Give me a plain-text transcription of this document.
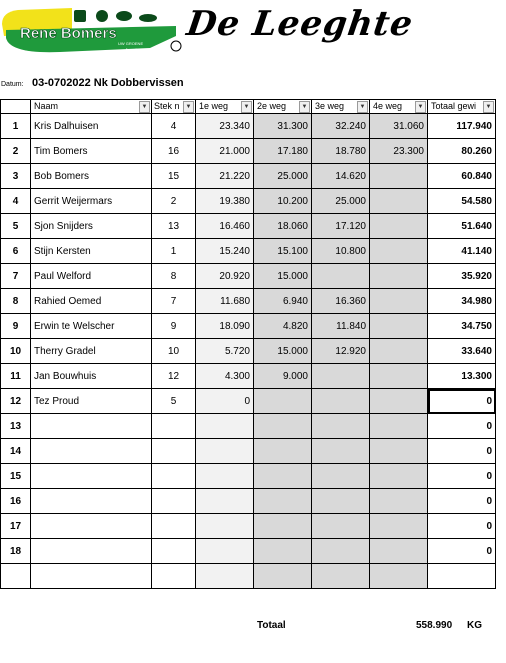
Rene Bomers
UW GROENE
vakwinkel
De Leeghte
Datum: 03-0702022 Nk Dobbervissen
	Naam ▼	Stek n ▼	1e weg ▼	2e weg ▼	3e weg ▼	4e weg ▼	Totaal gewi ▼

1	Kris Dalhuisen	4	23.340	31.300	32.240	31.060	117.940
2	Tim Bomers	16	21.000	17.180	18.780	23.300	80.260
3	Bob Bomers	15	21.220	25.000	14.620		60.840
4	Gerrit Weijermars	2	19.380	10.200	25.000		54.580
5	Sjon Snijders	13	16.460	18.060	17.120		51.640
6	Stijn Kersten	1	15.240	15.100	10.800		41.140
7	Paul Welford	8	20.920	15.000			35.920
8	Rahied Oemed	7	11.680	6.940	16.360		34.980
9	Erwin te Welscher	9	18.090	4.820	11.840		34.750
10	Therry Gradel	10	5.720	15.000	12.920		33.640
11	Jan Bouwhuis	12	4.300	9.000			13.300
12	Tez Proud	5	0				0
13							0
14							0
15							0
16							0
17							0
18							0

Totaal	558.990 KG
